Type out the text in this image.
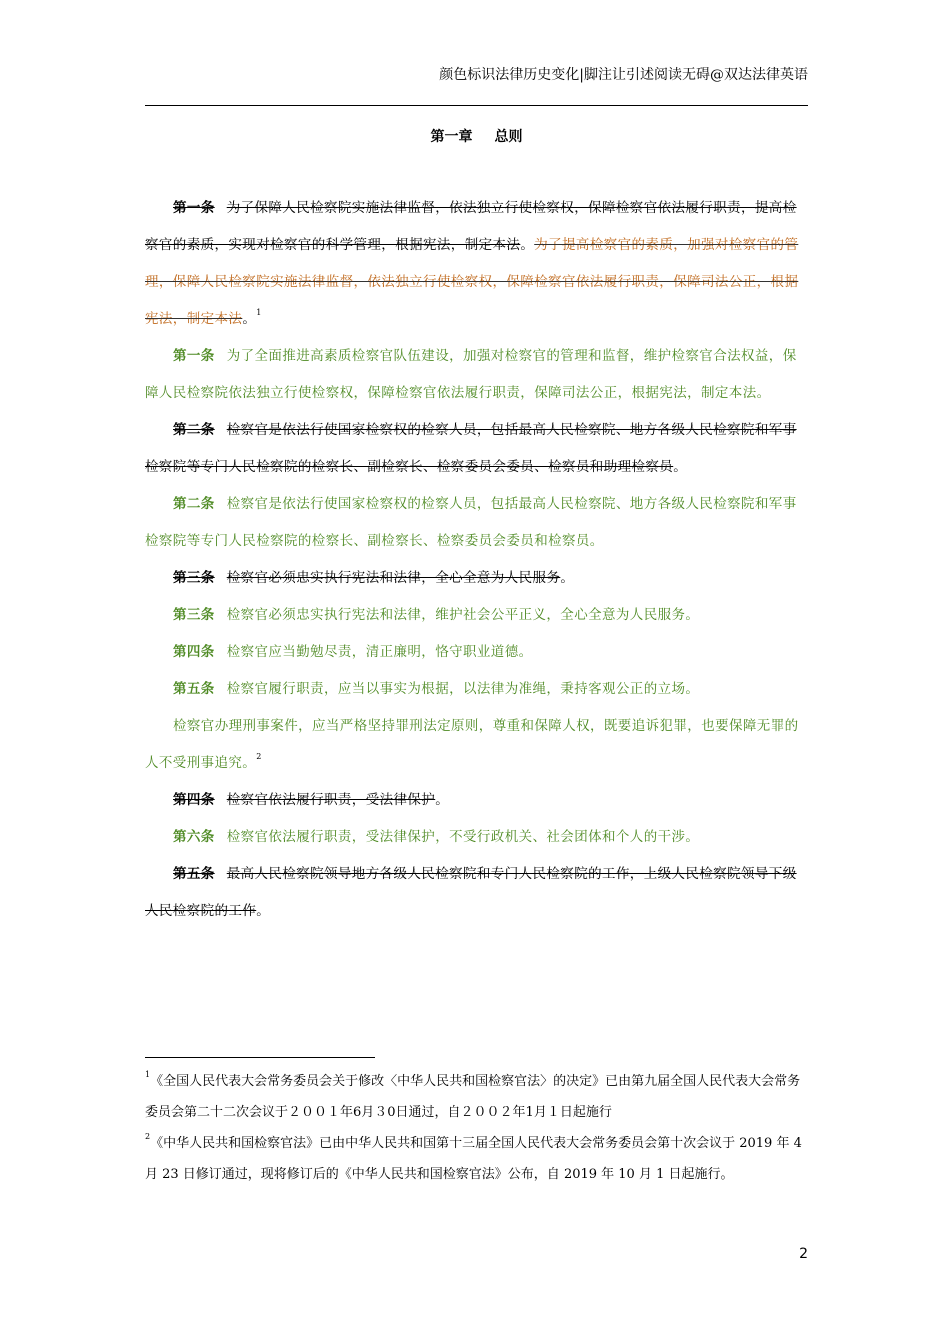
颜色标识法律历史变化|脚注让引述阅读无碍@双达法律英语
第一章 总则

第一条 为了保障人民检察院实施法律监督，依法独立行使检察权，保障检察官依法履行职责，提高检察官的素质，实现对检察官的科学管理，根据宪法，制定本法。为了提高检察官的素质，加强对检察官的管理，保障人民检察院实施法律监督，依法独立行使检察权，保障检察官依法履行职责，保障司法公正，根据宪法，制定本法。$^1$

第一条 为了全面推进高素质检察官队伍建设，加强对检察官的管理和监督，维护检察官合法权益，保障人民检察院依法独立行使检察权，保障检察官依法履行职责，保障司法公正，根据宪法，制定本法。

第二条 检察官是依法行使国家检察权的检察人员，包括最高人民检察院、地方各级人民检察院和军事检察院等专门人民检察院的检察长、副检察长、检察委员会委员、检察员和助理检察员。

第二条 检察官是依法行使国家检察权的检察人员，包括最高人民检察院、地方各级人民检察院和军事检察院等专门人民检察院的检察长、副检察长、检察委员会委员和检察员。

第三条 检察官必须忠实执行宪法和法律，全心全意为人民服务。

第三条 检察官必须忠实执行宪法和法律，维护社会公平正义，全心全意为人民服务。

第四条 检察官应当勤勉尽责，清正廉明，恪守职业道德。

第五条 检察官履行职责，应当以事实为根据，以法律为准绳，秉持客观公正的立场。

检察官办理刑事案件，应当严格坚持罪刑法定原则，尊重和保障人权，既要追诉犯罪，也要保障无罪的人不受刑事追究。$^2$

第四条 检察官依法履行职责，受法律保护。

第六条 检察官依法履行职责，受法律保护，不受行政机关、社会团体和个人的干涉。

第五条 最高人民检察院领导地方各级人民检察院和专门人民检察院的工作，上级人民检察院领导下级人民检察院的工作。

$^1$《全国人民代表大会常务委员会关于修改〈中华人民共和国检察官法〉的决定》已由第九届全国人民代表大会常务委员会第二十二次会议于２００１年6月３0日通过，自２００２年1月１日起施行

$^2$《中华人民共和国检察官法》已由中华人民共和国第十三届全国人民代表大会常务委员会第十次会议于 2019 年 4 月 23 日修订通过，现将修订后的《中华人民共和国检察官法》公布，自 2019 年 10 月 1 日起施行。

2
